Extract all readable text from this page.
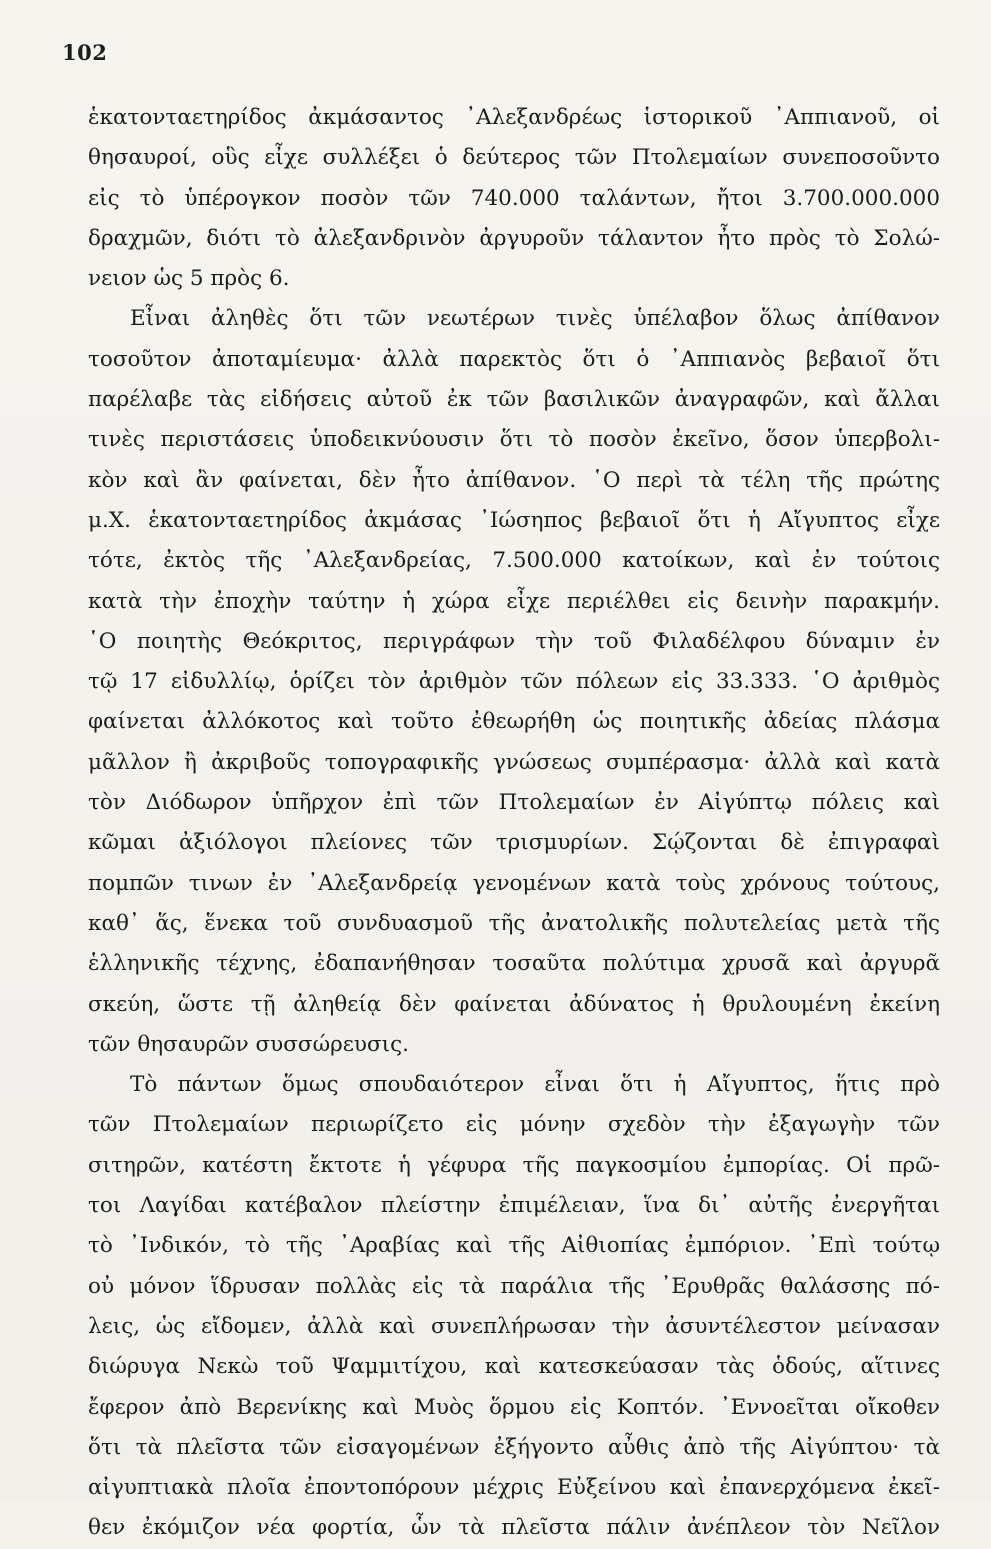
102
ἑκατονταετηρίδος ἀκμάσαντος ᾿Αλεξανδρέως ἱστορικοῦ ᾿Αππιανοῦ, οἱ
θησαυροί, οὓς εἶχε συλλέξει ὁ δεύτερος τῶν Πτολεμαίων συνεποσοῦντο
εἰς τὸ ὑπέρογκον ποσὸν τῶν 740.000 ταλάντων, ἤτοι 3.700.000.000
δραχμῶν, διότι τὸ ἀλεξανδρινὸν ἀργυροῦν τάλαντον ἦτο πρὸς τὸ Σολώ-
νειον ὡς 5 πρὸς 6.
Εἶναι ἀληθὲς ὅτι τῶν νεωτέρων τινὲς ὑπέλαβον ὅλως ἀπίθανον
τοσοῦτον ἀποταμίευμα· ἀλλὰ παρεκτὸς ὅτι ὁ ᾿Αππιανὸς βεβαιοῖ ὅτι
παρέλαβε τὰς εἰδήσεις αὐτοῦ ἐκ τῶν βασιλικῶν ἀναγραφῶν, καὶ ἄλλαι
τινὲς περιστάσεις ὑποδεικνύουσιν ὅτι τὸ ποσὸν ἐκεῖνο, ὅσον ὑπερβολι-
κὸν καὶ ἂν φαίνεται, δὲν ἦτο ἀπίθανον. ῾Ο περὶ τὰ τέλη τῆς πρώτης
μ.Χ. ἑκατονταετηρίδος ἀκμάσας ᾿Ιώσηπος βεβαιοῖ ὅτι ἡ Αἴγυπτος εἶχε
τότε, ἐκτὸς τῆς ᾿Αλεξανδρείας, 7.500.000 κατοίκων, καὶ ἐν τούτοις
κατὰ τὴν ἐποχὴν ταύτην ἡ χώρα εἶχε περιέλθει εἰς δεινὴν παρακμήν.
῾Ο ποιητὴς Θεόκριτος, περιγράφων τὴν τοῦ Φιλαδέλφου δύναμιν ἐν
τῷ 17 εἰδυλλίῳ, ὁρίζει τὸν ἀριθμὸν τῶν πόλεων εἰς 33.333. ῾Ο ἀριθμὸς
φαίνεται ἀλλόκοτος καὶ τοῦτο ἐθεωρήθη ὡς ποιητικῆς ἀδείας πλάσμα
μᾶλλον ἢ ἀκριβοῦς τοπογραφικῆς γνώσεως συμπέρασμα· ἀλλὰ καὶ κατὰ
τὸν Διόδωρον ὑπῆρχον ἐπὶ τῶν Πτολεμαίων ἐν Αἰγύπτῳ πόλεις καὶ
κῶμαι ἀξιόλογοι πλείονες τῶν τρισμυρίων. Σῴζονται δὲ ἐπιγραφαὶ
πομπῶν τινων ἐν ᾿Αλεξανδρείᾳ γενομένων κατὰ τοὺς χρόνους τούτους,
καθ᾿ ἅς, ἕνεκα τοῦ συνδυασμοῦ τῆς ἀνατολικῆς πολυτελείας μετὰ τῆς
ἑλληνικῆς τέχνης, ἐδαπανήθησαν τοσαῦτα πολύτιμα χρυσᾶ καὶ ἀργυρᾶ
σκεύη, ὥστε τῇ ἀληθείᾳ δὲν φαίνεται ἀδύνατος ἡ θρυλουμένη ἐκείνη
τῶν θησαυρῶν συσσώρευσις.
Τὸ πάντων ὅμως σπουδαιότερον εἶναι ὅτι ἡ Αἴγυπτος, ἥτις πρὸ
τῶν Πτολεμαίων περιωρίζετο εἰς μόνην σχεδὸν τὴν ἐξαγωγὴν τῶν
σιτηρῶν, κατέστη ἔκτοτε ἡ γέφυρα τῆς παγκοσμίου ἐμπορίας. Οἱ πρῶ-
τοι Λαγίδαι κατέβαλον πλείστην ἐπιμέλειαν, ἵνα δι᾿ αὐτῆς ἐνεργῆται
τὸ ᾿Ινδικόν, τὸ τῆς ᾿Αραβίας καὶ τῆς Αἰθιοπίας ἐμπόριον. ᾿Επὶ τούτῳ
οὐ μόνον ἵδρυσαν πολλὰς εἰς τὰ παράλια τῆς ᾿Ερυθρᾶς θαλάσσης πό-
λεις, ὡς εἴδομεν, ἀλλὰ καὶ συνεπλήρωσαν τὴν ἀσυντέλεστον μείνασαν
διώρυγα Νεκὼ τοῦ Ψαμμιτίχου, καὶ κατεσκεύασαν τὰς ὁδούς, αἵτινες
ἔφερον ἀπὸ Βερενίκης καὶ Μυὸς ὅρμου εἰς Κοπτόν. ᾿Εννοεῖται οἴκοθεν
ὅτι τὰ πλεῖστα τῶν εἰσαγομένων ἐξήγοντο αὖθις ἀπὸ τῆς Αἰγύπτου· τὰ
αἰγυπτιακὰ πλοῖα ἐποντοπόρουν μέχρις Εὐξείνου καὶ ἐπανερχόμενα ἐκεῖ-
θεν ἐκόμιζον νέα φορτία, ὧν τὰ πλεῖστα πάλιν ἀνέπλεον τὸν Νεῖλον
